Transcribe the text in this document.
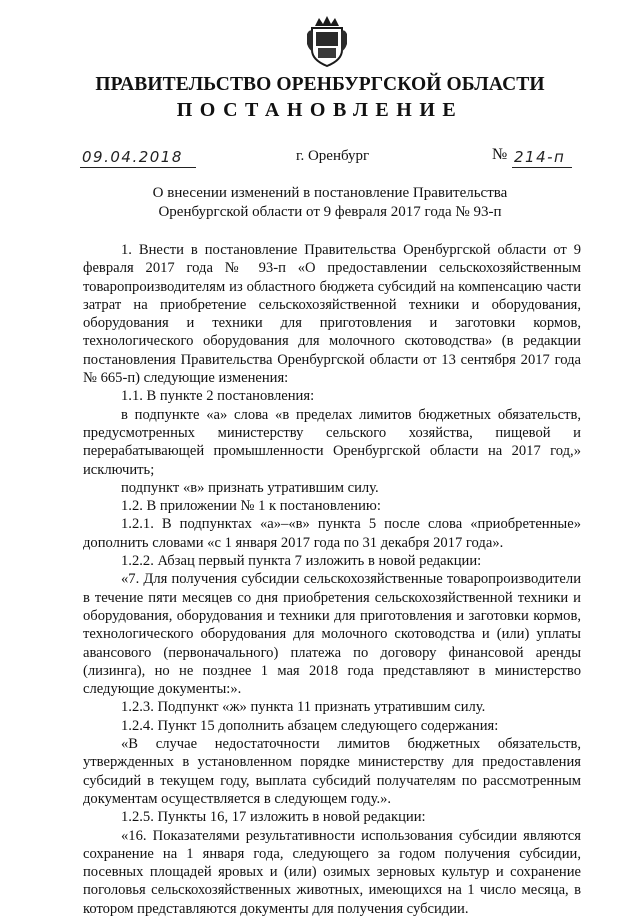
ПРАВИТЕЛЬСТВО ОРЕНБУРГСКОЙ ОБЛАСТИ
ПОСТАНОВЛЕНИЕ
09.04.2018	г. Оренбург	№ 214-п
О внесении изменений в постановление Правительства Оренбургской области от 9 февраля 2017 года № 93-п

1. Внести в постановление Правительства Оренбургской области от 9 февраля 2017 года № 93-п «О предоставлении сельскохозяйственным товаропроизводителям из областного бюджета субсидий на компенсацию части затрат на приобретение сельскохозяйственной техники и оборудования, оборудования и техники для приготовления и заготовки кормов, технологического оборудования для молочного скотоводства» (в редакции постановления Правительства Оренбургской области от 13 сентября 2017 года № 665-п) следующие изменения:

1.1. В пункте 2 постановления:

в подпункте «а» слова «в пределах лимитов бюджетных обязательств, предусмотренных министерству сельского хозяйства, пищевой и перерабатывающей промышленности Оренбургской области на 2017 год,» исключить;

подпункт «в» признать утратившим силу.

1.2. В приложении № 1 к постановлению:

1.2.1. В подпунктах «а»–«в» пункта 5 после слова «приобретенные» дополнить словами «с 1 января 2017 года по 31 декабря 2017 года».

1.2.2. Абзац первый пункта 7 изложить в новой редакции:

«7. Для получения субсидии сельскохозяйственные товаропроизводители в течение пяти месяцев со дня приобретения сельскохозяйственной техники и оборудования, оборудования и техники для приготовления и заготовки кормов, технологического оборудования для молочного скотоводства и (или) уплаты авансового (первоначального) платежа по договору финансовой аренды (лизинга), но не позднее 1 мая 2018 года представляют в министерство следующие документы:».

1.2.3. Подпункт «ж» пункта 11 признать утратившим силу.

1.2.4. Пункт 15 дополнить абзацем следующего содержания:

«В случае недостаточности лимитов бюджетных обязательств, утвержденных в установленном порядке министерству для предоставления субсидий в текущем году, выплата субсидий получателям по рассмотренным документам осуществляется в следующем году.».

1.2.5. Пункты 16, 17 изложить в новой редакции:

«16. Показателями результативности использования субсидии являются сохранение на 1 января года, следующего за годом получения субсидии, посевных площадей яровых и (или) озимых зерновых культур и сохранение поголовья сельскохозяйственных животных, имеющихся на 1 число месяца, в котором представляются документы для получения субсидии.
